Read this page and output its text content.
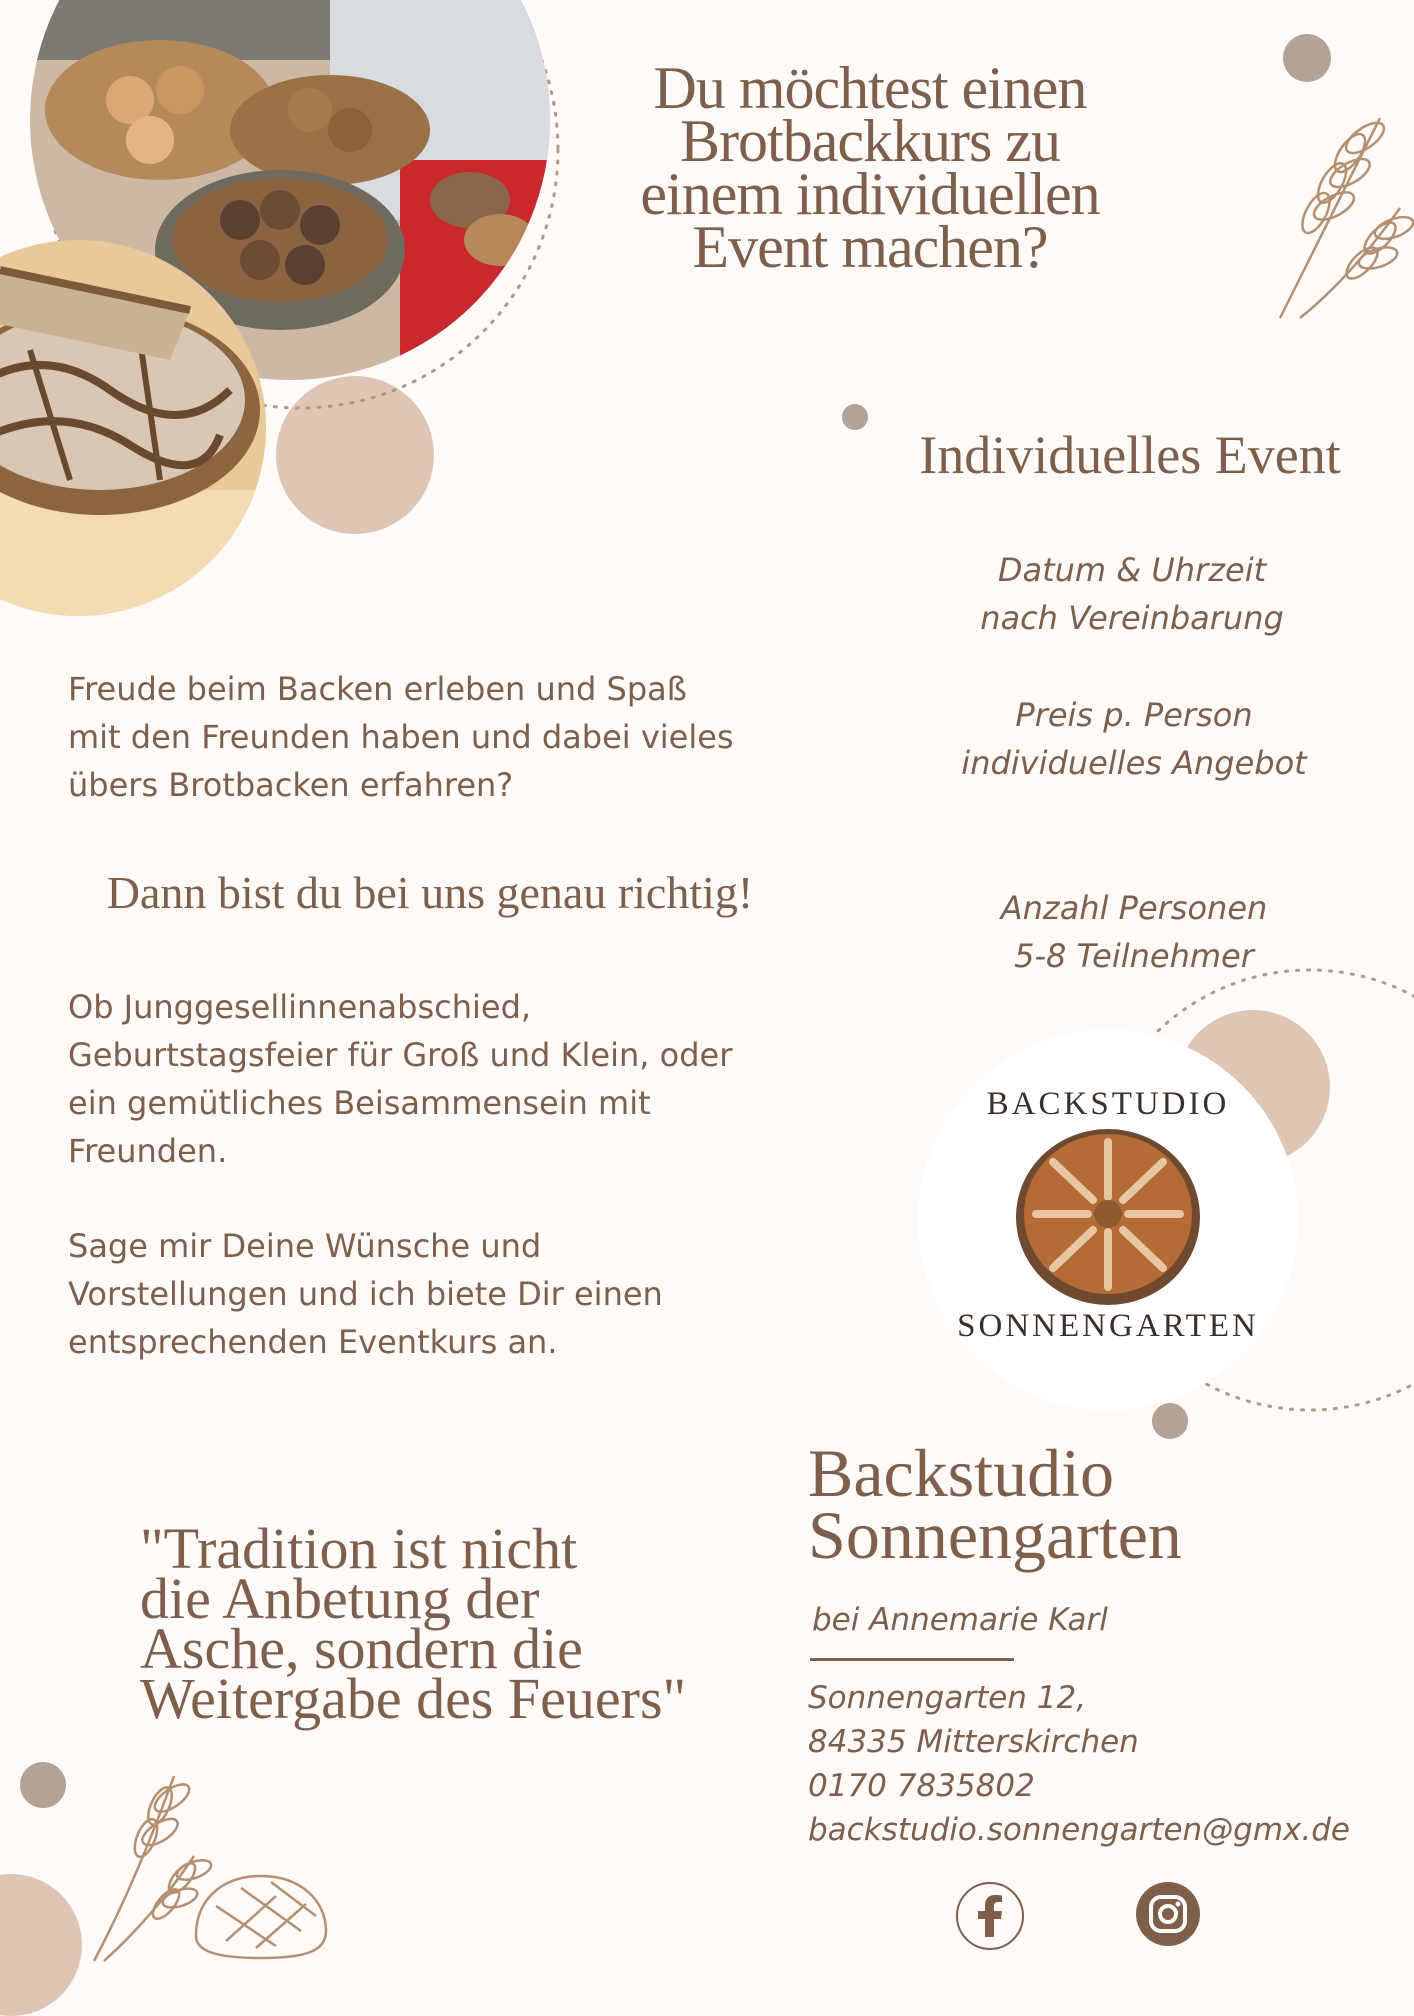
Du möchtest einen
Brotbackkurs zu
einem individuellen
Event machen?
Individuelles Event
Datum & Uhrzeit
nach Vereinbarung
Preis p. Person
individuelles Angebot
Anzahl Personen
5-8 Teilnehmer
Freude beim Backen erleben und Spaß
mit den Freunden haben und dabei vieles
übers Brotbacken erfahren?
Dann bist du bei uns genau richtig!
Ob Junggesellinnenabschied,
Geburtstagsfeier für Groß und Klein, oder
ein gemütliches Beisammensein mit
Freunden.
Sage mir Deine Wünsche und
Vorstellungen und ich biete Dir einen
entsprechenden Eventkurs an.
BACKSTUDIO
SONNENGARTEN
"Tradition ist nicht
die Anbetung der
Asche, sondern die
Weitergabe des Feuers"
Backstudio
Sonnengarten
bei Annemarie Karl
Sonnengarten 12,
84335 Mitterskirchen
0170 7835802
backstudio.sonnengarten@gmx.de
